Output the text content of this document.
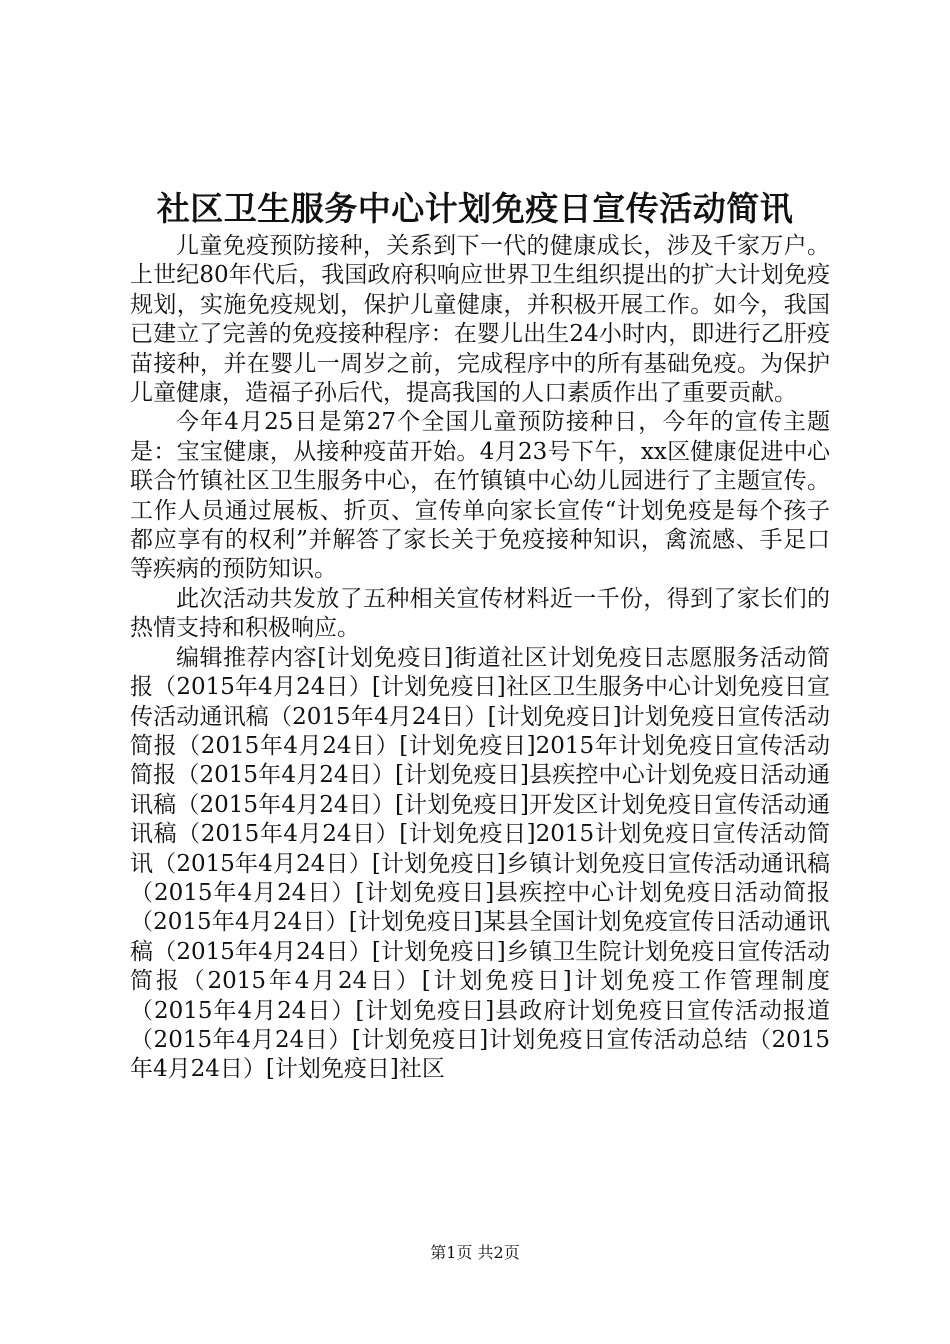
社区卫生服务中心计划免疫日宣传活动简讯

儿童免疫预防接种，关系到下一代的健康成长，涉及千家万户。上世纪80年代后，我国政府积响应世界卫生组织提出的扩大计划免疫规划，实施免疫规划，保护儿童健康，并积极开展工作。如今，我国已建立了完善的免疫接种程序：在婴儿出生24小时内，即进行乙肝疫苗接种，并在婴儿一周岁之前，完成程序中的所有基础免疫。为保护儿童健康，造福子孙后代，提高我国的人口素质作出了重要贡献。

今年4月25日是第27个全国儿童预防接种日，今年的宣传主题是：宝宝健康，从接种疫苗开始。4月23号下午，xx区健康促进中心联合竹镇社区卫生服务中心，在竹镇镇中心幼儿园进行了主题宣传。工作人员通过展板、折页、宣传单向家长宣传“计划免疫是每个孩子都应享有的权利”并解答了家长关于免疫接种知识，禽流感、手足口等疾病的预防知识。

此次活动共发放了五种相关宣传材料近一千份，得到了家长们的热情支持和积极响应。

编辑推荐内容[计划免疫日]街道社区计划免疫日志愿服务活动简报（2015年4月24日）[计划免疫日]社区卫生服务中心计划免疫日宣传活动通讯稿（2015年4月24日）[计划免疫日]计划免疫日宣传活动简报（2015年4月24日）[计划免疫日]2015年计划免疫日宣传活动简报（2015年4月24日）[计划免疫日]县疾控中心计划免疫日活动通讯稿（2015年4月24日）[计划免疫日]开发区计划免疫日宣传活动通讯稿（2015年4月24日）[计划免疫日]2015计划免疫日宣传活动简讯（2015年4月24日）[计划免疫日]乡镇计划免疫日宣传活动通讯稿（2015年4月24日）[计划免疫日]县疾控中心计划免疫日活动简报（2015年4月24日）[计划免疫日]某县全国计划免疫宣传日活动通讯稿（2015年4月24日）[计划免疫日]乡镇卫生院计划免疫日宣传活动简报（2015年4月24日）[计划免疫日]计划免疫工作管理制度（2015年4月24日）[计划免疫日]县政府计划免疫日宣传活动报道（2015年4月24日）[计划免疫日]计划免疫日宣传活动总结（2015年4月24日）[计划免疫日]社区

第1页 共2页
